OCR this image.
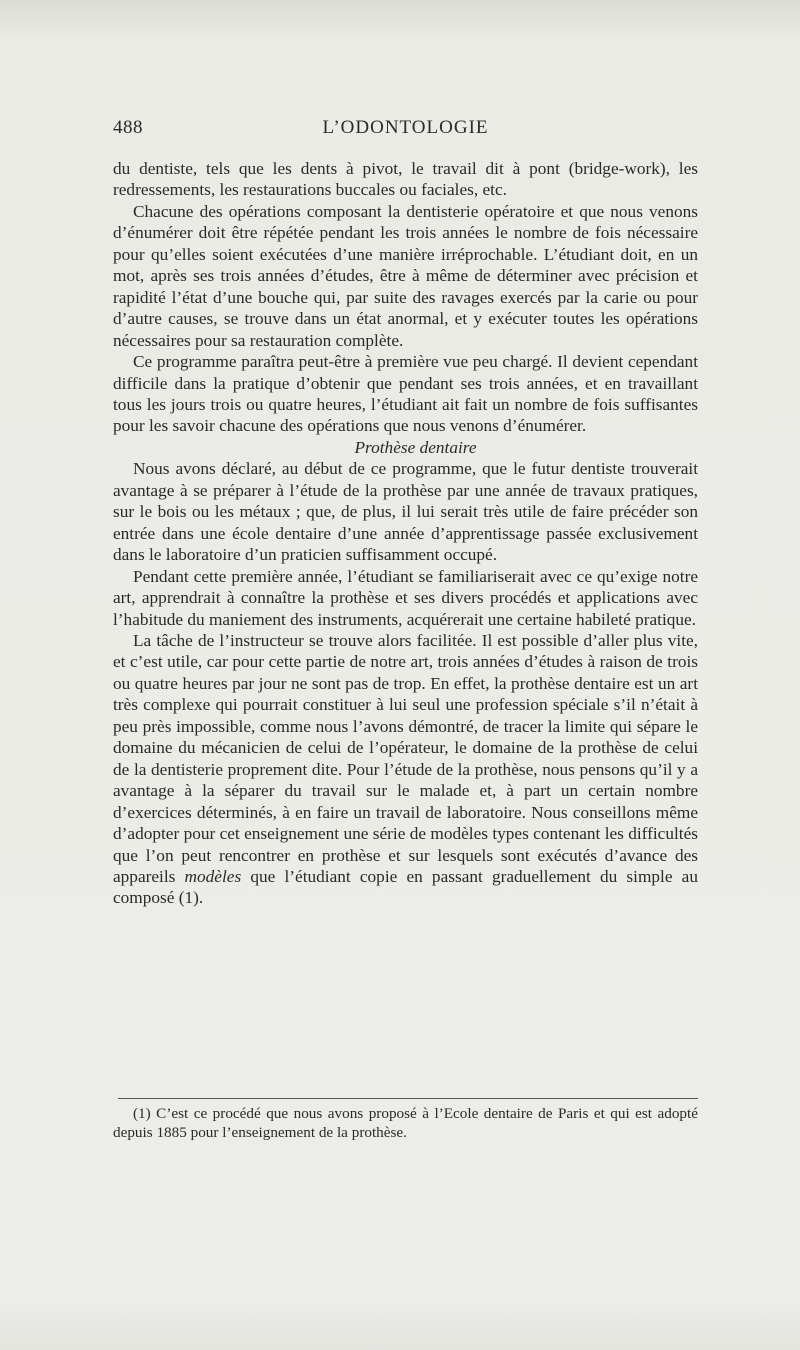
488	L’ODONTOLOGIE

du dentiste, tels que les dents à pivot, le travail dit à pont (bridge-work), les redressements, les restaurations buccales ou faciales, etc.

Chacune des opérations composant la dentisterie opératoire et que nous venons d’énumérer doit être répétée pendant les trois années le nombre de fois nécessaire pour qu’elles soient exécutées d’une manière irréprochable. L’étudiant doit, en un mot, après ses trois années d’études, être à même de déterminer avec précision et rapidité l’état d’une bouche qui, par suite des ravages exercés par la carie ou pour d’autre causes, se trouve dans un état anormal, et y exécuter toutes les opérations nécessaires pour sa restauration complète.

Ce programme paraîtra peut-être à première vue peu chargé. Il devient cependant difficile dans la pratique d’obtenir que pendant ses trois années, et en travaillant tous les jours trois ou quatre heures, l’étudiant ait fait un nombre de fois suffisantes pour les savoir chacune des opérations que nous venons d’énumérer.

Prothèse dentaire

Nous avons déclaré, au début de ce programme, que le futur dentiste trouverait avantage à se préparer à l’étude de la prothèse par une année de travaux pratiques, sur le bois ou les métaux ; que, de plus, il lui serait très utile de faire précéder son entrée dans une école dentaire d’une année d’apprentissage passée exclusivement dans le laboratoire d’un praticien suffisamment occupé.

Pendant cette première année, l’étudiant se familiariserait avec ce qu’exige notre art, apprendrait à connaître la prothèse et ses divers procédés et applications avec l’habitude du maniement des instruments, acquérerait une certaine habileté pratique.

La tâche de l’instructeur se trouve alors facilitée. Il est possible d’aller plus vite, et c’est utile, car pour cette partie de notre art, trois années d’études à raison de trois ou quatre heures par jour ne sont pas de trop. En effet, la prothèse dentaire est un art très complexe qui pourrait constituer à lui seul une profession spéciale s’il n’était à peu près impossible, comme nous l’avons démontré, de tracer la limite qui sépare le domaine du mécanicien de celui de l’opérateur, le domaine de la prothèse de celui de la dentisterie proprement dite. Pour l’étude de la prothèse, nous pensons qu’il y a avantage à la séparer du travail sur le malade et, à part un certain nombre d’exercices déterminés, à en faire un travail de laboratoire. Nous conseillons même d’adopter pour cet enseignement une série de modèles types contenant les difficultés que l’on peut rencontrer en prothèse et sur lesquels sont exécutés d’avance des appareils modèles que l’étudiant copie en passant graduellement du simple au composé (1).

(1) C’est ce procédé que nous avons proposé à l’Ecole dentaire de Paris et qui est adopté depuis 1885 pour l’enseignement de la prothèse.
